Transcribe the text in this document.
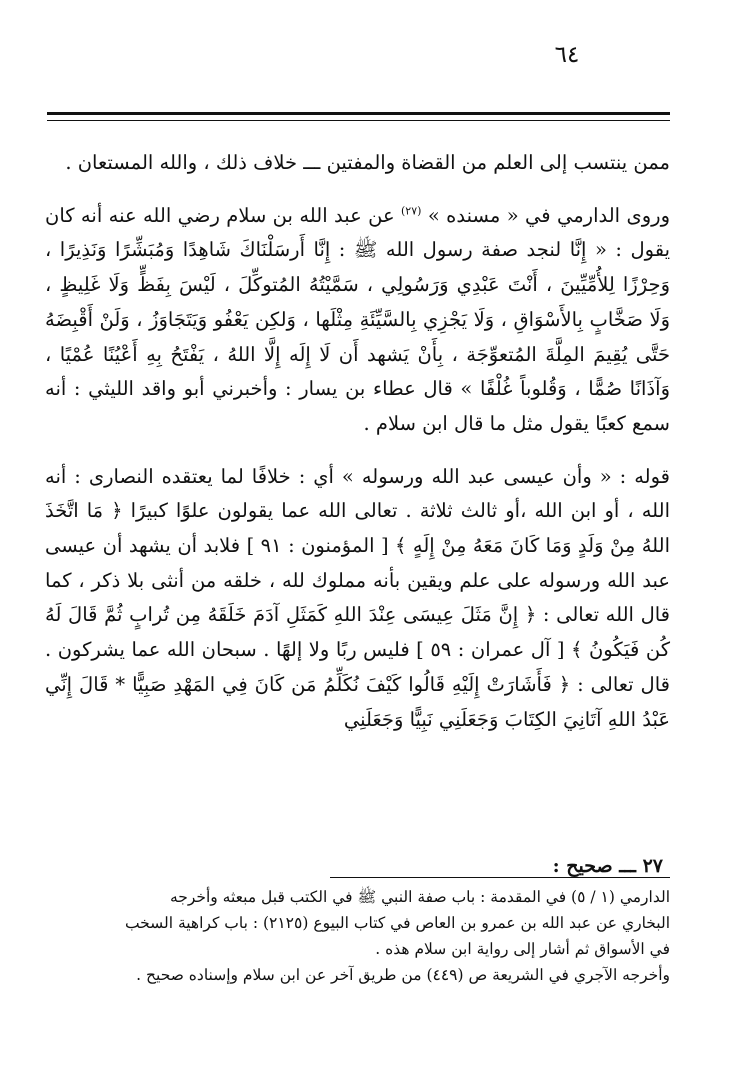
٦٤

ممن ينتسب إلى العلم من القضاة والمفتين ـــ خلاف ذلك ، والله المستعان .

وروى الدارمي في « مسنده » $^{(٢٧)}$ عن عبد الله بن سلام رضي الله عنه أنه كان يقول : « إِنَّا لنجد صفة رسول الله ﷺ : إِنَّا أَرسَلْنَاكَ شَاهِدًا وَمُبَشِّرًا وَنَذِيرًا ، وَحِرْزًا لِلأُمِّيِّينَ ، أَنْتَ عَبْدِي وَرَسُولِي ، سَمَّيْتُهُ المُتوكِّلَ ، لَيْسَ بِفَظٍّ وَلَا غَلِيظٍ ، وَلَا صَخَّابٍ بِالأَسْوَاقِ ، وَلَا يَجْزِي بِالسَّيِّئَةِ مِثْلَها ، وَلكِن يَعْفُو وَيَتَجَاوَزُ ، وَلَنْ أَقْبِضَهُ حَتَّى يُقِيمَ المِلَّةَ المُتعوِّجَة ، بِأَنْ يَشهد أَن لَا إِلَه إِلَّا اللهُ ، يَفْتَحُ بِهِ أَعْيُنًا عُمْيًا ، وَآذَانًا صُمًّا ، وَقُلوباً غُلْفًا » قال عطاء بن يسار : وأخبرني أبو واقد الليثي : أنه سمع كعبًا يقول مثل ما قال ابن سلام .

قوله : « وأن عيسى عبد الله ورسوله » أي : خلافًا لما يعتقده النصارى : أنه الله ، أو ابن الله ،أو ثالث ثلاثة . تعالى الله عما يقولون علوًا كبيرًا ﴿ مَا اتَّخَذَ اللهُ مِنْ وَلَدٍ وَمَا كَانَ مَعَهُ مِنْ إِلَهٍ ﴾ [ المؤمنون : ٩١ ] فلابد أن يشهد أن عيسى عبد الله ورسوله على علم ويقين بأنه مملوك لله ، خلقه من أنثى بلا ذكر ، كما قال الله تعالى : ﴿ إِنَّ مَثَلَ عِيسَى عِنْدَ اللهِ كَمَثَلِ آدَمَ خَلَقَهُ مِن تُرابٍ ثُمَّ قَالَ لَهُ كُن فَيَكُونُ ﴾ [ آل عمران : ٥٩ ] فليس ربًا ولا إلهًا . سبحان الله عما يشركون . قال تعالى : ﴿ فَأَشَارَتْ إِلَيْهِ قَالُوا كَيْفَ نُكَلِّمُ مَن كَانَ فِي المَهْدِ صَبِيًّا * قَالَ إِنِّي عَبْدُ اللهِ آتَانِيَ الكِتَابَ وَجَعَلَنِي نَبِيًّا وَجَعَلَنِي

٢٧ ـــ صحيح :

الدارمي (١ / ٥) في المقدمة : باب صفة النبي ﷺ في الكتب قبل مبعثه وأخرجه

البخاري عن عبد الله بن عمرو بن العاص في كتاب البيوع (٢١٢٥) : باب كراهية السخب

في الأسواق ثم أشار إلى رواية ابن سلام هذه .

وأخرجه الآجري في الشريعة ص (٤٤٩) من طريق آخر عن ابن سلام وإسناده صحيح .
